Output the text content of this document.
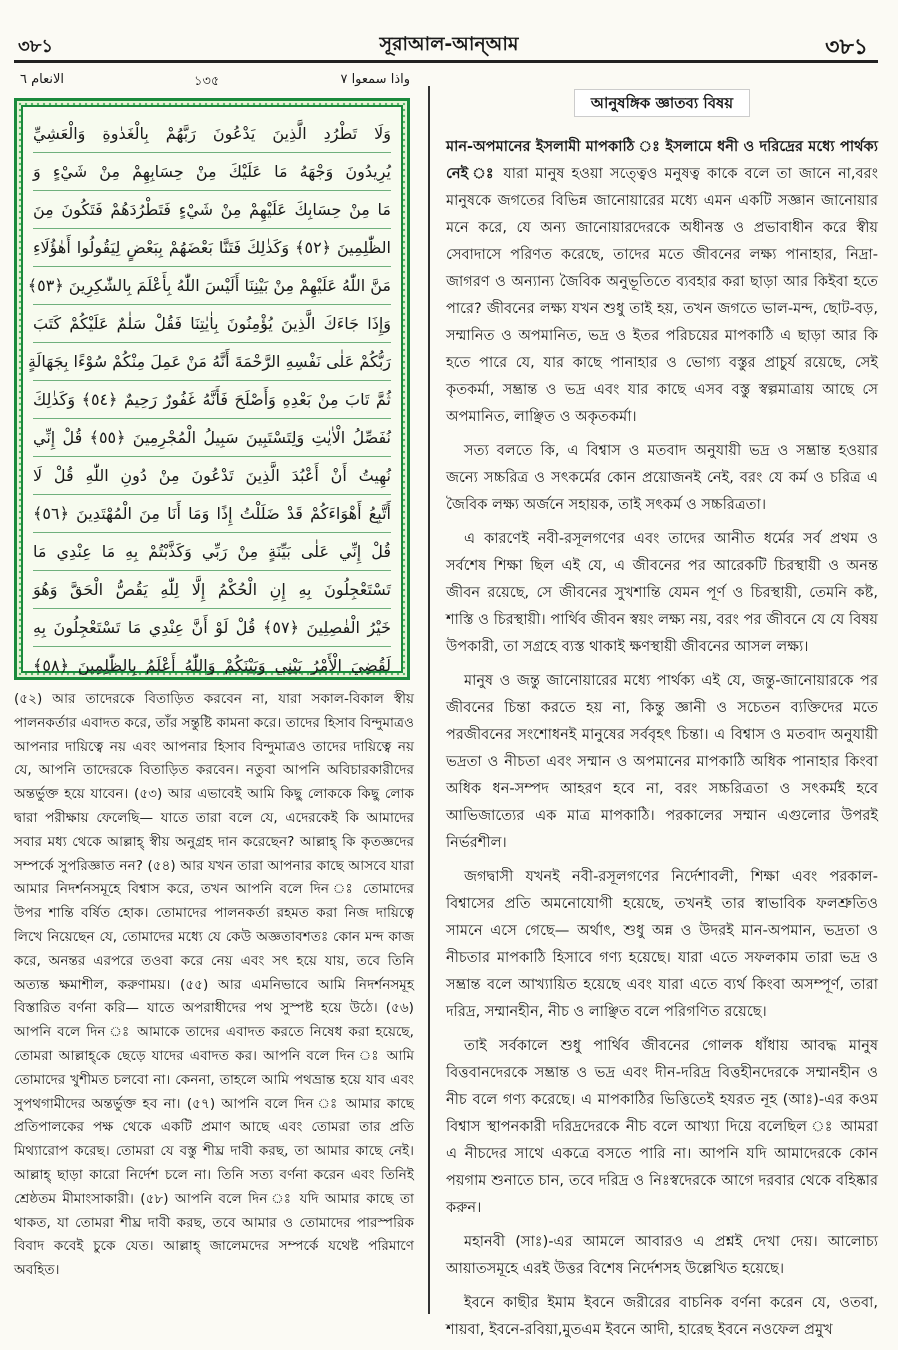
৩৮১	সূরাআল-আন্আম	৩৮১
واذا سمعوا ٧
১৩৫
الانعام ٦
وَلَا تَطْرُدِ الَّذِينَ يَدْعُونَ رَبَّهُمْ بِالْغَدٰوةِ وَالْعَشِيِّ
يُرِيدُونَ وَجْهَهُ مَا عَلَيْكَ مِنْ حِسَابِهِمْ مِنْ شَيْءٍ وَ
مَا مِنْ حِسَابِكَ عَلَيْهِمْ مِنْ شَيْءٍ فَتَطْرُدَهُمْ فَتَكُونَ مِنَ
الظّٰلِمِينَ ﴿٥٢﴾ وَكَذٰلِكَ فَتَنَّا بَعْضَهُمْ بِبَعْضٍ لِيَقُولُوا أَهٰؤُلَاءِ
مَنَّ اللّٰهُ عَلَيْهِمْ مِنْ بَيْنِنَا أَلَيْسَ اللّٰهُ بِأَعْلَمَ بِالشّٰكِرِينَ ﴿٥٣﴾
وَإِذَا جَاءَكَ الَّذِينَ يُؤْمِنُونَ بِاٰيٰتِنَا فَقُلْ سَلٰمٌ عَلَيْكُمْ كَتَبَ
رَبُّكُمْ عَلٰى نَفْسِهِ الرَّحْمَةَ أَنَّهُ مَنْ عَمِلَ مِنْكُمْ سُوْءًا بِجَهَالَةٍ
ثُمَّ تَابَ مِنْ بَعْدِهِ وَأَصْلَحَ فَأَنَّهُ غَفُورٌ رَحِيمٌ ﴿٥٤﴾ وَكَذٰلِكَ
نُفَصِّلُ الْاٰيٰتِ وَلِتَسْتَبِينَ سَبِيلُ الْمُجْرِمِينَ ﴿٥٥﴾ قُلْ إِنِّي
نُهِيتُ أَنْ أَعْبُدَ الَّذِينَ تَدْعُونَ مِنْ دُونِ اللّٰهِ قُلْ لَا
أَتَّبِعُ أَهْوَاءَكُمْ قَدْ ضَلَلْتُ إِذًا وَمَا أَنَا مِنَ الْمُهْتَدِينَ ﴿٥٦﴾
قُلْ إِنِّي عَلٰى بَيِّنَةٍ مِنْ رَبِّي وَكَذَّبْتُمْ بِهِ مَا عِنْدِي مَا
تَسْتَعْجِلُونَ بِهِ إِنِ الْحُكْمُ إِلَّا لِلّٰهِ يَقُصُّ الْحَقَّ وَهُوَ
خَيْرُ الْفٰصِلِينَ ﴿٥٧﴾ قُلْ لَوْ أَنَّ عِنْدِي مَا تَسْتَعْجِلُونَ بِهِ
لَقُضِيَ الْأَمْرُ بَيْنِي وَبَيْنَكُمْ وَاللّٰهُ أَعْلَمُ بِالظّٰلِمِينَ ﴿٥٨﴾

(৫২) আর তাদেরকে বিতাড়িত করবেন না, যারা সকাল-বিকাল স্বীয় পালনকর্তার এবাদত করে, তাঁর সন্তুষ্টি কামনা করে। তাদের হিসাব বিন্দুমাত্রও আপনার দায়িত্বে নয় এবং আপনার হিসাব বিন্দুমাত্রও তাদের দায়িত্বে নয় যে, আপনি তাদেরকে বিতাড়িত করবেন। নতুবা আপনি অবিচারকারীদের অন্তর্ভুক্ত হয়ে যাবেন। (৫৩) আর এভাবেই আমি কিছু লোককে কিছু লোক দ্বারা পরীক্ষায় ফেলেছি— যাতে তারা বলে যে, এদেরকেই কি আমাদের সবার মধ্য থেকে আল্লাহ্ স্বীয় অনুগ্রহ দান করেছেন? আল্লাহ্ কি কৃতজ্ঞদের সম্পর্কে সুপরিজ্ঞাত নন? (৫৪) আর যখন তারা আপনার কাছে আসবে যারা আমার নিদর্শনসমূহে বিশ্বাস করে, তখন আপনি বলে দিন ঃ তোমাদের উপর শান্তি বর্ষিত হোক। তোমাদের পালনকর্তা রহমত করা নিজ দায়িত্বে লিখে নিয়েছেন যে, তোমাদের মধ্যে যে কেউ অজ্ঞতাবশতঃ কোন মন্দ কাজ করে, অনন্তর এরপরে তওবা করে নেয় এবং সৎ হয়ে যায়, তবে তিনি অত্যন্ত ক্ষমাশীল, করুণাময়। (৫৫) আর এমনিভাবে আমি নিদর্শনসমূহ বিস্তারিত বর্ণনা করি— যাতে অপরাধীদের পথ সুস্পষ্ট হয়ে উঠে। (৫৬) আপনি বলে দিন ঃ আমাকে তাদের এবাদত করতে নিষেধ করা হয়েছে, তোমরা আল্লাহ্‌কে ছেড়ে যাদের এবাদত কর। আপনি বলে দিন ঃ আমি তোমাদের খুশীমত চলবো না। কেননা, তাহলে আমি পথভ্রান্ত হয়ে যাব এবং সুপথগামীদের অন্তর্ভুক্ত হব না। (৫৭) আপনি বলে দিন ঃ আমার কাছে প্রতিপালকের পক্ষ থেকে একটি প্রমাণ আছে এবং তোমরা তার প্রতি মিথ্যারোপ করেছ। তোমরা যে বস্তু শীঘ্র দাবী করছ, তা আমার কাছে নেই। আল্লাহ্ ছাড়া কারো নির্দেশ চলে না। তিনি সত্য বর্ণনা করেন এবং তিনিই শ্রেষ্ঠতম মীমাংসাকারী। (৫৮) আপনি বলে দিন ঃ যদি আমার কাছে তা থাকত, যা তোমরা শীঘ্র দাবী করছ, তবে আমার ও তোমাদের পারস্পরিক বিবাদ কবেই চুকে যেত। আল্লাহ্ জালেমদের সম্পর্কে যথেষ্ট পরিমাণে অবহিত।

আনুষঙ্গিক জ্ঞাতব্য বিষয়

মান-অপমানের ইসলামী মাপকাঠি ঃ ইসলামে ধনী ও দরিদ্রের মধ্যে পার্থক্য নেই ঃ যারা মানুষ হওয়া সত্ত্বেও মনুষত্ব কাকে বলে তা জানে না,বরং মানুষকে জগতের বিভিন্ন জানোয়ারের মধ্যে এমন একটি সজ্ঞান জানোয়ার মনে করে, যে অন্য জানোয়ারদেরকে অধীনস্ত ও প্রভাবাধীন করে স্বীয় সেবাদাসে পরিণত করেছে, তাদের মতে জীবনের লক্ষ্য পানাহার, নিদ্রা-জাগরণ ও অন্যান্য জৈবিক অনুভূতিতে ব্যবহার করা ছাড়া আর কিইবা হতে পারে? জীবনের লক্ষ্য যখন শুধু তাই হয়, তখন জগতে ভাল-মন্দ, ছোট-বড়, সম্মানিত ও অপমানিত, ভদ্র ও ইতর পরিচয়ের মাপকাঠি এ ছাড়া আর কি হতে পারে যে, যার কাছে পানাহার ও ভোগ্য বস্তুর প্রাচুর্য রয়েছে, সেই কৃতকর্মা, সম্ভ্রান্ত ও ভদ্র এবং যার কাছে এসব বস্তু স্বল্পমাত্রায় আছে সে অপমানিত, লাঞ্ছিত ও অকৃতকর্মা।

সত্য বলতে কি, এ বিশ্বাস ও মতবাদ অনুযায়ী ভদ্র ও সম্ভ্রান্ত হওয়ার জন্যে সচ্চরিত্র ও সৎকর্মের কোন প্রয়োজনই নেই, বরং যে কর্ম ও চরিত্র এ জৈবিক লক্ষ্য অর্জনে সহায়ক, তাই সৎকর্ম ও সচ্চরিত্রতা।

এ কারণেই নবী-রসূলগণের এবং তাদের আনীত ধর্মের সর্ব প্রথম ও সর্বশেষ শিক্ষা ছিল এই যে, এ জীবনের পর আরেকটি চিরস্থায়ী ও অনন্ত জীবন রয়েছে, সে জীবনের সুখশান্তি যেমন পূর্ণ ও চিরস্থায়ী, তেমনি কষ্ট, শাস্তি ও চিরস্থায়ী। পার্থিব জীবন স্বয়ং লক্ষ্য নয়, বরং পর জীবনে যে যে বিষয় উপকারী, তা সগ্রহে ব্যস্ত থাকাই ক্ষণস্থায়ী জীবনের আসল লক্ষ্য।

মানুষ ও জন্তু জানোয়ারের মধ্যে পার্থক্য এই যে, জন্তু-জানোয়ারকে পর জীবনের চিন্তা করতে হয় না, কিন্তু জ্ঞানী ও সচেতন ব্যক্তিদের মতে পরজীবনের সংশোধনই মানুষের সর্ববৃহৎ চিন্তা। এ বিশ্বাস ও মতবাদ অনুযায়ী ভদ্রতা ও নীচতা এবং সম্মান ও অপমানের মাপকাঠি অধিক পানাহার কিংবা অধিক ধন-সম্পদ আহরণ হবে না, বরং সচ্চরিত্রতা ও সৎকর্মই হবে আভিজাত্যের এক মাত্র মাপকাঠি। পরকালের সম্মান এগুলোর উপরই নির্ভরশীল।

জগদ্বাসী যখনই নবী-রসূলগণের নির্দেশাবলী, শিক্ষা এবং পরকাল-বিশ্বাসের প্রতি অমনোযোগী হয়েছে, তখনই তার স্বাভাবিক ফলশ্রুতিও সামনে এসে গেছে— অর্থাৎ, শুধু অন্ন ও উদরই মান-অপমান, ভদ্রতা ও নীচতার মাপকাঠি হিসাবে গণ্য হয়েছে। যারা এতে সফলকাম তারা ভদ্র ও সম্ভ্রান্ত বলে আখ্যায়িত হয়েছে এবং যারা এতে ব্যর্থ কিংবা অসম্পূর্ণ, তারা দরিদ্র, সম্মানহীন, নীচ ও লাঞ্ছিত বলে পরিগণিত রয়েছে।

তাই সর্বকালে শুধু পার্থিব জীবনের গোলক ধাঁধায় আবদ্ধ মানুষ বিত্তবানদেরকে সম্ভ্রান্ত ও ভদ্র এবং দীন-দরিদ্র বিত্তহীনদেরকে সম্মানহীন ও নীচ বলে গণ্য করেছে। এ মাপকাঠির ভিত্তিতেই হযরত নূহ (আঃ)-এর কওম বিশ্বাস স্থাপনকারী দরিদ্রদেরকে নীচ বলে আখ্যা দিয়ে বলেছিল ঃ আমরা এ নীচদের সাথে একত্রে বসতে পারি না। আপনি যদি আমাদেরকে কোন পয়গাম শুনাতে চান, তবে দরিদ্র ও নিঃস্বদেরকে আগে দরবার থেকে বহিষ্কার করুন।

মহানবী (সাঃ)-এর আমলে আবারও এ প্রশ্নই দেখা দেয়। আলোচ্য আয়াতসমূহে এরই উত্তর বিশেষ নির্দেশসহ উল্লেখিত হয়েছে।

ইবনে কাছীর ইমাম ইবনে জরীরের বাচনিক বর্ণনা করেন যে, ওতবা, শায়বা, ইবনে-রবিয়া,মুতএম ইবনে আদী, হারেছ ইবনে নওফেল প্রমুখ
